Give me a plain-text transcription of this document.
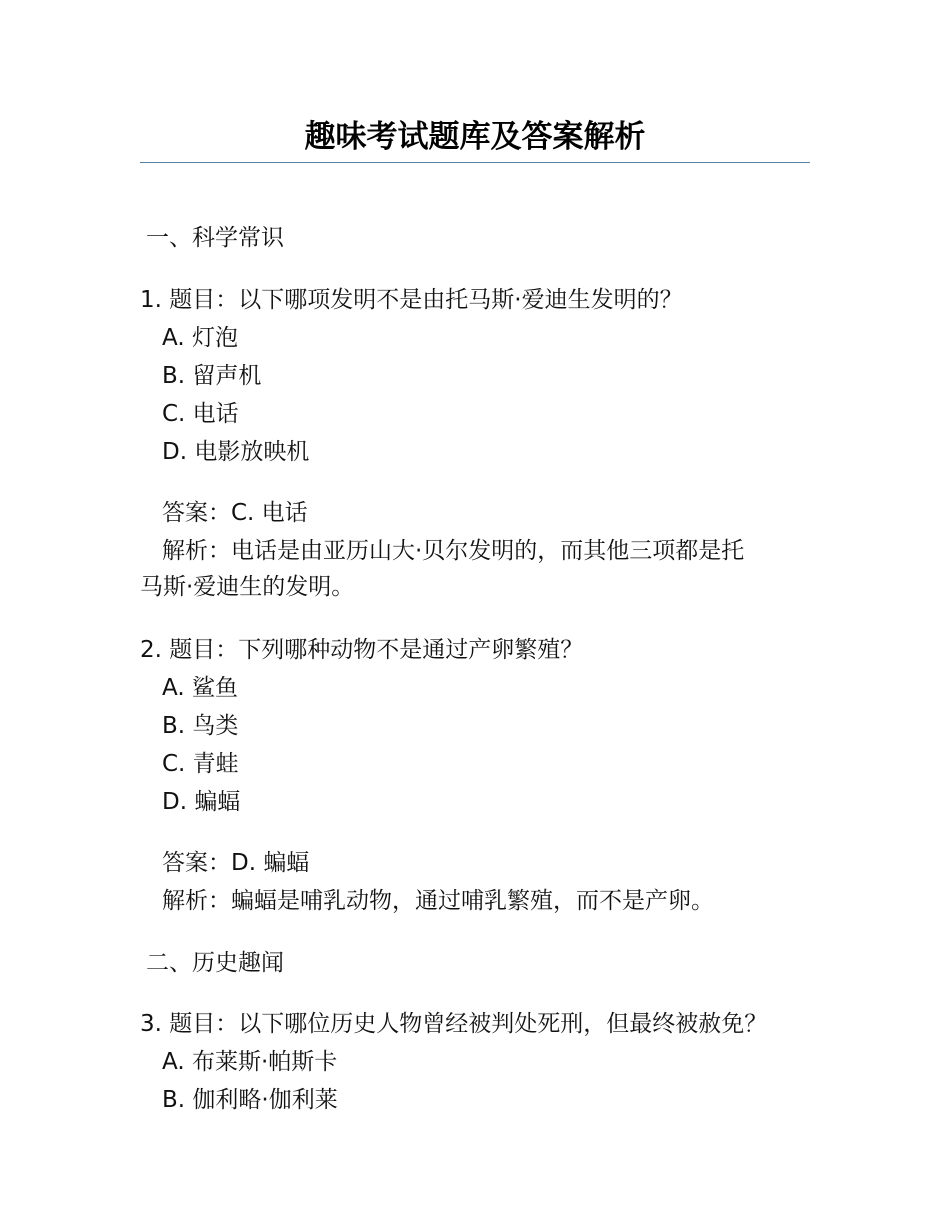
趣味考试题库及答案解析
一、科学常识
1. 题目：以下哪项发明不是由托马斯·爱迪生发明的？
A. 灯泡
B. 留声机
C. 电话
D. 电影放映机
答案：C. 电话
解析：电话是由亚历山大·贝尔发明的，而其他三项都是托
马斯·爱迪生的发明。
2. 题目：下列哪种动物不是通过产卵繁殖？
A. 鲨鱼
B. 鸟类
C. 青蛙
D. 蝙蝠
答案：D. 蝙蝠
解析：蝙蝠是哺乳动物，通过哺乳繁殖，而不是产卵。
二、历史趣闻
3. 题目：以下哪位历史人物曾经被判处死刑，但最终被赦免？
A. 布莱斯·帕斯卡
B. 伽利略·伽利莱
